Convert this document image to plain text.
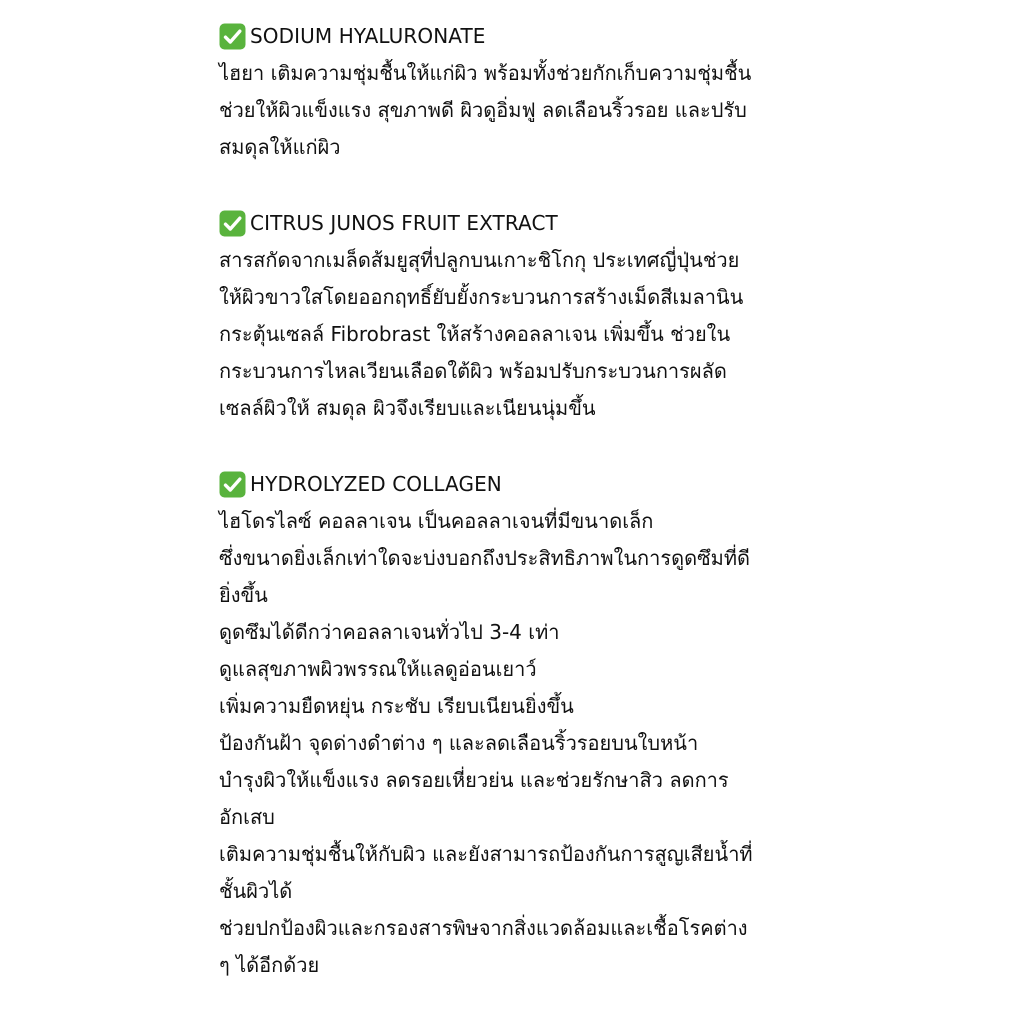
SODIUM HYALURONATE
ไฮยา เติมความชุ่มชื้นให้แก่ผิว พร้อมทั้งช่วยกักเก็บความชุ่มชื้น
ช่วยให้ผิวแข็งแรง สุขภาพดี ผิวดูอิ่มฟู ลดเลือนริ้วรอย และปรับ
สมดุลให้แก่ผิว
CITRUS JUNOS FRUIT EXTRACT
สารสกัดจากเมล็ดส้มยูสุที่ปลูกบนเกาะชิโกกุ ประเทศญี่ปุ่นช่วย
ให้ผิวขาวใสโดยออกฤทธิ์ยับยั้งกระบวนการสร้างเม็ดสีเมลานิน
กระตุ้นเซลล์ Fibrobrast ให้สร้างคอลลาเจน เพิ่มขึ้น ช่วยใน
กระบวนการไหลเวียนเลือดใต้ผิว พร้อมปรับกระบวนการผลัด
เซลล์ผิวให้ สมดุล ผิวจึงเรียบและเนียนนุ่มขึ้น
HYDROLYZED COLLAGEN
ไฮโดรไลซ์ คอลลาเจน เป็นคอลลาเจนที่มีขนาดเล็ก
ซึ่งขนาดยิ่งเล็กเท่าใดจะบ่งบอกถึงประสิทธิภาพในการดูดซึมที่ดี
ยิ่งขึ้น
ดูดซึมได้ดีกว่าคอลลาเจนทั่วไป 3-4 เท่า
ดูแลสุขภาพผิวพรรณให้แลดูอ่อนเยาว์
เพิ่มความยืดหยุ่น กระชับ เรียบเนียนยิ่งขึ้น
ป้องกันฝ้า จุดด่างดำต่าง ๆ และลดเลือนริ้วรอยบนใบหน้า
บำรุงผิวให้แข็งแรง ลดรอยเหี่ยวย่น และช่วยรักษาสิว ลดการ
อักเสบ
เติมความชุ่มชื้นให้กับผิว และยังสามารถป้องกันการสูญเสียน้ำที่
ชั้นผิวได้
ช่วยปกป้องผิวและกรองสารพิษจากสิ่งแวดล้อมและเชื้อโรคต่าง
ๆ ได้อีกด้วย
